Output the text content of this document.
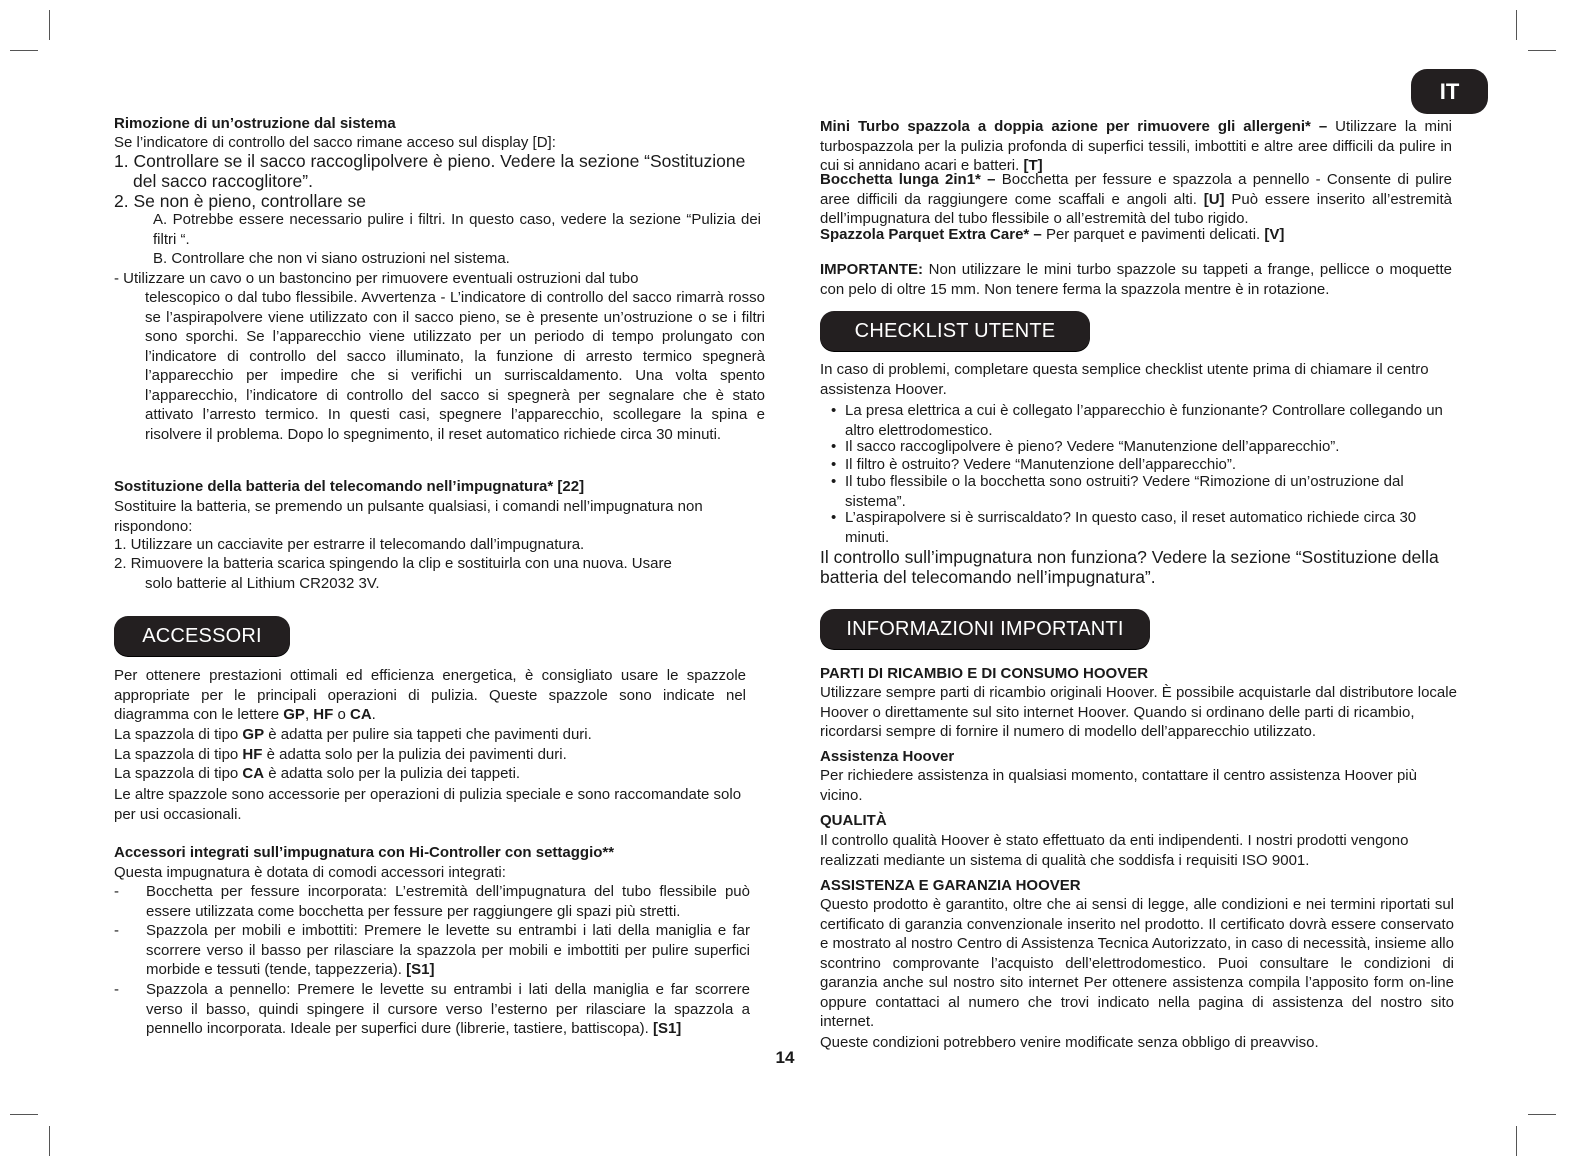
IT
Rimozione di un’ostruzione dal sistema
Se l’indicatore di controllo del sacco rimane acceso sul display [D]:
1. Controllare se il sacco raccoglipolvere è pieno. Vedere la sezione “Sostituzione
del sacco raccoglitore”.
2. Se non è pieno, controllare se
A. Potrebbe essere necessario pulire i filtri. In questo caso, vedere la sezione “Pulizia dei filtri “.
B. Controllare che non vi siano ostruzioni nel sistema.
- Utilizzare un cavo o un bastoncino per rimuovere eventuali ostruzioni dal tubo
telescopico o dal tubo flessibile. Avvertenza - L’indicatore di controllo del sacco rimarrà rosso se l’aspirapolvere viene utilizzato con il sacco pieno, se è presente un’ostruzione o se i filtri sono sporchi. Se l’apparecchio viene utilizzato per un periodo di tempo prolungato con l’indicatore di controllo del sacco illuminato, la funzione di arresto termico spegnerà l’apparecchio per impedire che si verifichi un surriscaldamento. Una volta spento l’apparecchio, l’indicatore di controllo del sacco si spegnerà per segnalare che è stato attivato l’arresto termico. In questi casi, spegnere l’apparecchio, scollegare la spina e risolvere il problema. Dopo lo spegnimento, il reset automatico richiede circa 30 minuti.
Sostituzione della batteria del telecomando nell’impugnatura* [22]
Sostituire la batteria, se premendo un pulsante qualsiasi, i comandi nell’impugnatura non rispondono:
1. Utilizzare un cacciavite per estrarre il telecomando dall’impugnatura.
2. Rimuovere la batteria scarica spingendo la clip e sostituirla con una nuova. Usare
solo batterie al Lithium CR2032 3V.
ACCESSORI
Per ottenere prestazioni ottimali ed efficienza energetica, è consigliato usare le spazzole appropriate per le principali operazioni di pulizia. Queste spazzole sono indicate nel diagramma con le lettere GP, HF o CA.
La spazzola di tipo GP è adatta per pulire sia tappeti che pavimenti duri.
La spazzola di tipo HF è adatta solo per la pulizia dei pavimenti duri.
La spazzola di tipo CA è adatta solo per la pulizia dei tappeti.
Le altre spazzole sono accessorie per operazioni di pulizia speciale e sono raccomandate solo per usi occasionali.
Accessori integrati sull’impugnatura con Hi-Controller con settaggio**
Questa impugnatura è dotata di comodi accessori integrati:
- Bocchetta per fessure incorporata: L’estremità dell’impugnatura del tubo flessibile può essere utilizzata come bocchetta per fessure per raggiungere gli spazi più stretti.
- Spazzola per mobili e imbottiti: Premere le levette su entrambi i lati della maniglia e far scorrere verso il basso per rilasciare la spazzola per mobili e imbottiti per pulire superfici morbide e tessuti (tende, tappezzeria). [S1]
- Spazzola a pennello: Premere le levette su entrambi i lati della maniglia e far scorrere verso il basso, quindi spingere il cursore verso l’esterno per rilasciare la spazzola a pennello incorporata. Ideale per superfici dure (librerie, tastiere, battiscopa). [S1]
14
Mini Turbo spazzola a doppia azione per rimuovere gli allergeni* – Utilizzare la mini turbospazzola per la pulizia profonda di superfici tessili, imbottiti e altre aree difficili da pulire in cui si annidano acari e batteri. [T]
Bocchetta lunga 2in1* – Bocchetta per fessure e spazzola a pennello - Consente di pulire aree difficili da raggiungere come scaffali e angoli alti. [U] Può essere inserito all’estremità dell’impugnatura del tubo flessibile o all’estremità del tubo rigido.
Spazzola Parquet Extra Care* – Per parquet e pavimenti delicati. [V]
IMPORTANTE: Non utilizzare le mini turbo spazzole su tappeti a frange, pellicce o moquette con pelo di oltre 15 mm. Non tenere ferma la spazzola mentre è in rotazione.
CHECKLIST UTENTE
In caso di problemi, completare questa semplice checklist utente prima di chiamare il centro assistenza Hoover.
• La presa elettrica a cui è collegato l’apparecchio è funzionante? Controllare collegando un altro elettrodomestico.
• Il sacco raccoglipolvere è pieno? Vedere “Manutenzione dell’apparecchio”.
• Il filtro è ostruito? Vedere “Manutenzione dell’apparecchio”.
• Il tubo flessibile o la bocchetta sono ostruiti? Vedere “Rimozione di un’ostruzione dal sistema”.
• L’aspirapolvere si è surriscaldato? In questo caso, il reset automatico richiede circa 30 minuti.
Il controllo sull’impugnatura non funziona? Vedere la sezione “Sostituzione della batteria del telecomando nell’impugnatura”.
INFORMAZIONI IMPORTANTI
PARTI DI RICAMBIO E DI CONSUMO HOOVER
Utilizzare sempre parti di ricambio originali Hoover. È possibile acquistarle dal distributore locale Hoover o direttamente sul sito internet Hoover. Quando si ordinano delle parti di ricambio, ricordarsi sempre di fornire il numero di modello dell’apparecchio utilizzato.
Assistenza Hoover
Per richiedere assistenza in qualsiasi momento, contattare il centro assistenza Hoover più vicino.
QUALITÀ
Il controllo qualità Hoover è stato effettuato da enti indipendenti. I nostri prodotti vengono realizzati mediante un sistema di qualità che soddisfa i requisiti ISO 9001.
ASSISTENZA E GARANZIA HOOVER
Questo prodotto è garantito, oltre che ai sensi di legge, alle condizioni e nei termini riportati sul certificato di garanzia convenzionale inserito nel prodotto. Il certificato dovrà essere conservato e mostrato al nostro Centro di Assistenza Tecnica Autorizzato, in caso di necessità, insieme allo scontrino comprovante l’acquisto dell’elettrodomestico. Puoi consultare le condizioni di garanzia anche sul nostro sito internet Per ottenere assistenza compila l’apposito form on-line oppure contattaci al numero che trovi indicato nella pagina di assistenza del nostro sito internet.
Queste condizioni potrebbero venire modificate senza obbligo di preavviso.
